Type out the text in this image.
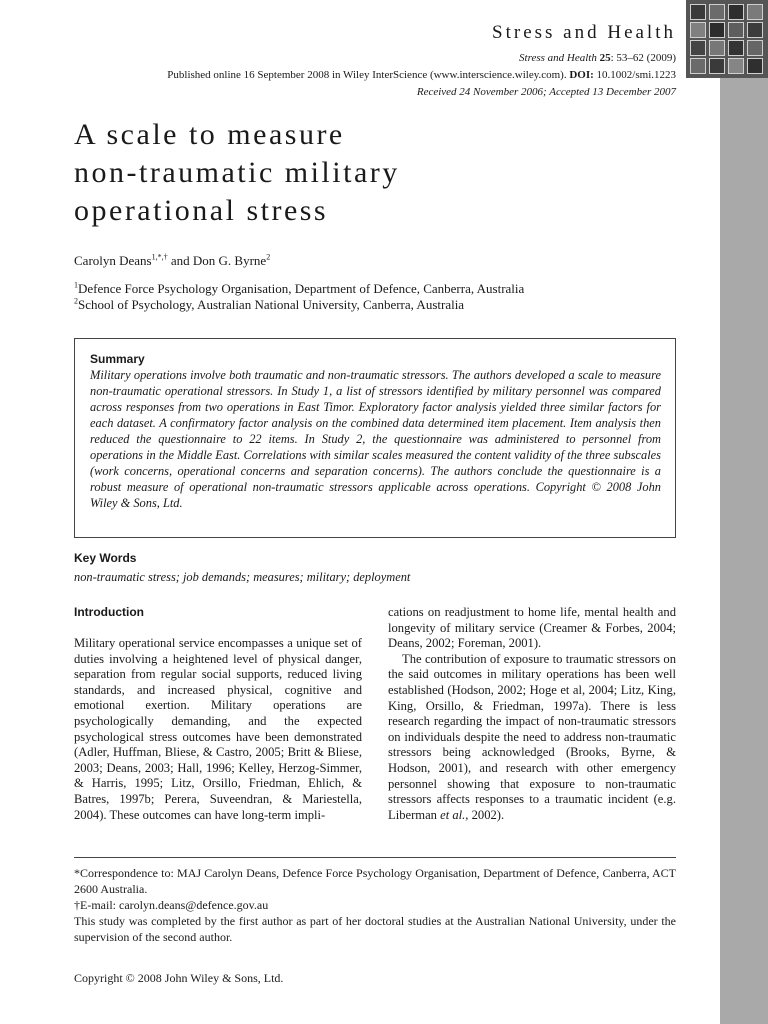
Stress and Health
Stress and Health 25: 53–62 (2009)
Published online 16 September 2008 in Wiley InterScience (www.interscience.wiley.com). DOI: 10.1002/smi.1223
Received 24 November 2006; Accepted 13 December 2007
A scale to measure
non-traumatic military
operational stress
Carolyn Deans$^{1,*,\dagger}$ and Don G. Byrne$^2$
$^1$Defence Force Psychology Organisation, Department of Defence, Canberra, Australia
$^2$School of Psychology, Australian National University, Canberra, Australia
Summary
Military operations involve both traumatic and non-traumatic stressors. The authors developed a scale to measure non-traumatic operational stressors. In Study 1, a list of stressors identified by military personnel was compared across responses from two operations in East Timor. Exploratory factor analysis yielded three similar factors for each dataset. A confirmatory factor analysis on the combined data determined item placement. Item analysis then reduced the questionnaire to 22 items. In Study 2, the questionnaire was administered to personnel from operations in the Middle East. Correlations with similar scales measured the content validity of the three subscales (work concerns, operational concerns and separation concerns). The authors conclude the questionnaire is a robust measure of operational non-traumatic stressors applicable across operations. Copyright © 2008 John Wiley & Sons, Ltd.
Key Words
non-traumatic stress; job demands; measures; military; deployment
Introduction

Military operational service encompasses a unique set of duties involving a heightened level of physical danger, separation from regular social supports, reduced living standards, and increased physical, cognitive and emotional exertion. Military operations are psychologically demanding, and the expected psychological stress outcomes have been demonstrated (Adler, Huffman, Bliese, & Castro, 2005; Britt & Bliese, 2003; Deans, 2003; Hall, 1996; Kelley, Herzog-Simmer, & Harris, 1995; Litz, Orsillo, Friedman, Ehlich, & Batres, 1997b; Perera, Suveendran, & Mariestella, 2004). These outcomes can have long-term impli-

cations on readjustment to home life, mental health and longevity of military service (Creamer & Forbes, 2004; Deans, 2002; Foreman, 2001).

The contribution of exposure to traumatic stressors on the said outcomes in military operations has been well established (Hodson, 2002; Hoge et al, 2004; Litz, King, King, Orsillo, & Friedman, 1997a). There is less research regarding the impact of non-traumatic stressors on individuals despite the need to address non-traumatic stressors being acknowledged (Brooks, Byrne, & Hodson, 2001), and research with other emergency personnel showing that exposure to non-traumatic stressors affects responses to a traumatic incident (e.g. Liberman et al., 2002).

*Correspondence to: MAJ Carolyn Deans, Defence Force Psychology Organisation, Department of Defence, Canberra, ACT 2600 Australia.

†E-mail: carolyn.deans@defence.gov.au

This study was completed by the first author as part of her doctoral studies at the Australian National University, under the supervision of the second author.

Copyright © 2008 John Wiley & Sons, Ltd.
